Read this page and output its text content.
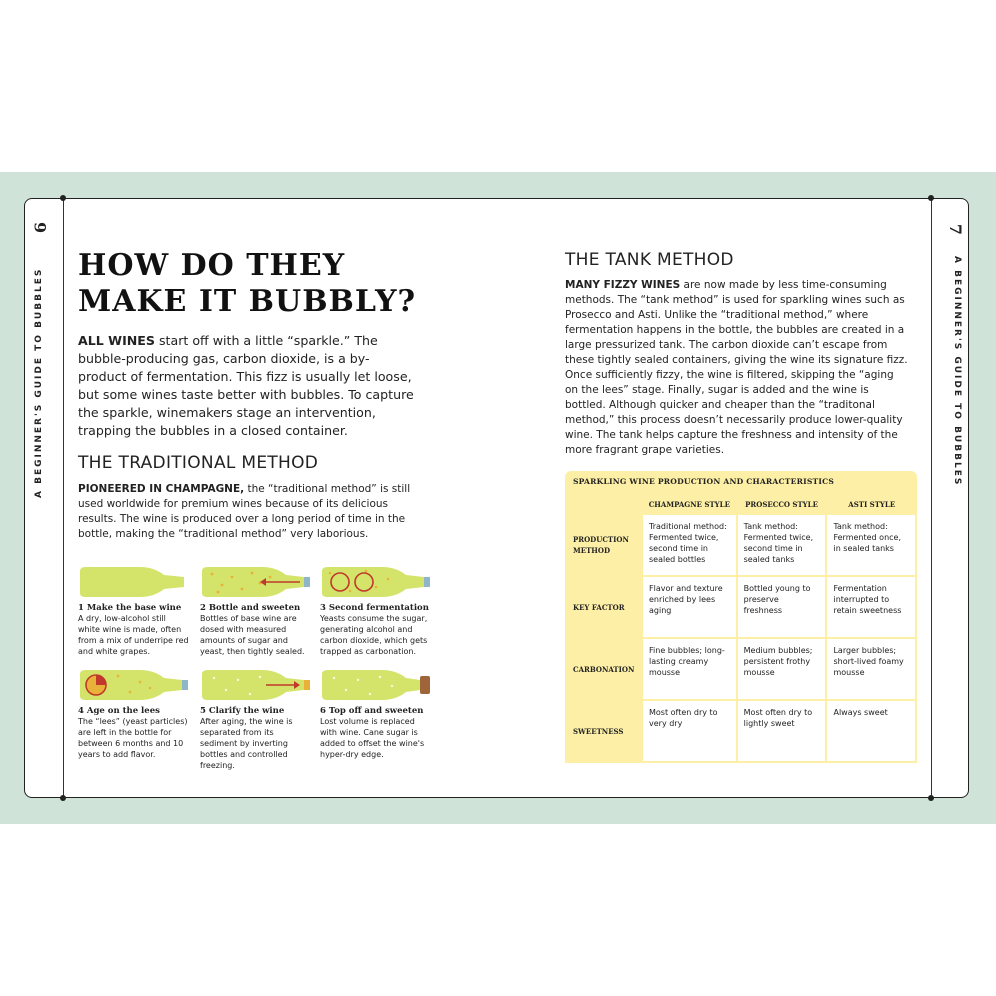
6	7
A BEGINNER'S GUIDE TO BUBBLES	A BEGINNER'S GUIDE TO BUBBLES
HOW DO THEY
MAKE IT BUBBLY?
ALL WINES start off with a little “sparkle.” The bubble-producing gas, carbon dioxide, is a by-product of fermentation. This fizz is usually let loose, but some wines taste better with bubbles. To capture the sparkle, winemakers stage an intervention, trapping the bubbles in a closed container.
THE TRADITIONAL METHOD
PIONEERED IN CHAMPAGNE, the “traditional method” is still used worldwide for premium wines because of its delicious results. The wine is produced over a long period of time in the bottle, making the “traditional method” very laborious.
1 Make the base wine
A dry, low-alcohol still white wine is made, often from a mix of underripe red and white grapes.
2 Bottle and sweeten
Bottles of base wine are dosed with measured amounts of sugar and yeast, then tightly sealed.
3 Second fermentation
Yeasts consume the sugar, generating alcohol and carbon dioxide, which gets trapped as carbonation.
4 Age on the lees
The “lees” (yeast particles) are left in the bottle for between 6 months and 10 years to add flavor.
5 Clarify the wine
After aging, the wine is separated from its sediment by inverting bottles and controlled freezing.
6 Top off and sweeten
Lost volume is replaced with wine. Cane sugar is added to offset the wine's hyper-dry edge.
THE TANK METHOD
MANY FIZZY WINES are now made by less time-consuming methods. The “tank method” is used for sparkling wines such as Prosecco and Asti. Unlike the “traditional method,” where fermentation happens in the bottle, the bubbles are created in a large pressurized tank. The carbon dioxide can’t escape from these tightly sealed containers, giving the wine its signature fizz. Once sufficiently fizzy, the wine is filtered, skipping the “aging on the lees” stage. Finally, sugar is added and the wine is bottled. Although quicker and cheaper than the “traditonal method,” this process doesn’t necessarily produce lower-quality wine. The tank helps capture the freshness and intensity of the more fragrant grape varieties.
SPARKLING WINE PRODUCTION AND CHARACTERISTICS
	CHAMPAGNE STYLE	PROSECCO STYLE	ASTI STYLE
PRODUCTION METHOD	Traditional method: Fermented twice, second time in sealed bottles	Tank method: Fermented twice, second time in sealed tanks	Tank method: Fermented once, in sealed tanks
KEY FACTOR	Flavor and texture enriched by lees aging	Bottled young to preserve freshness	Fermentation interrupted to retain sweetness
CARBONATION	Fine bubbles; long-lasting creamy mousse	Medium bubbles; persistent frothy mousse	Larger bubbles; short-lived foamy mousse
SWEETNESS	Most often dry to very dry	Most often dry to lightly sweet	Always sweet
